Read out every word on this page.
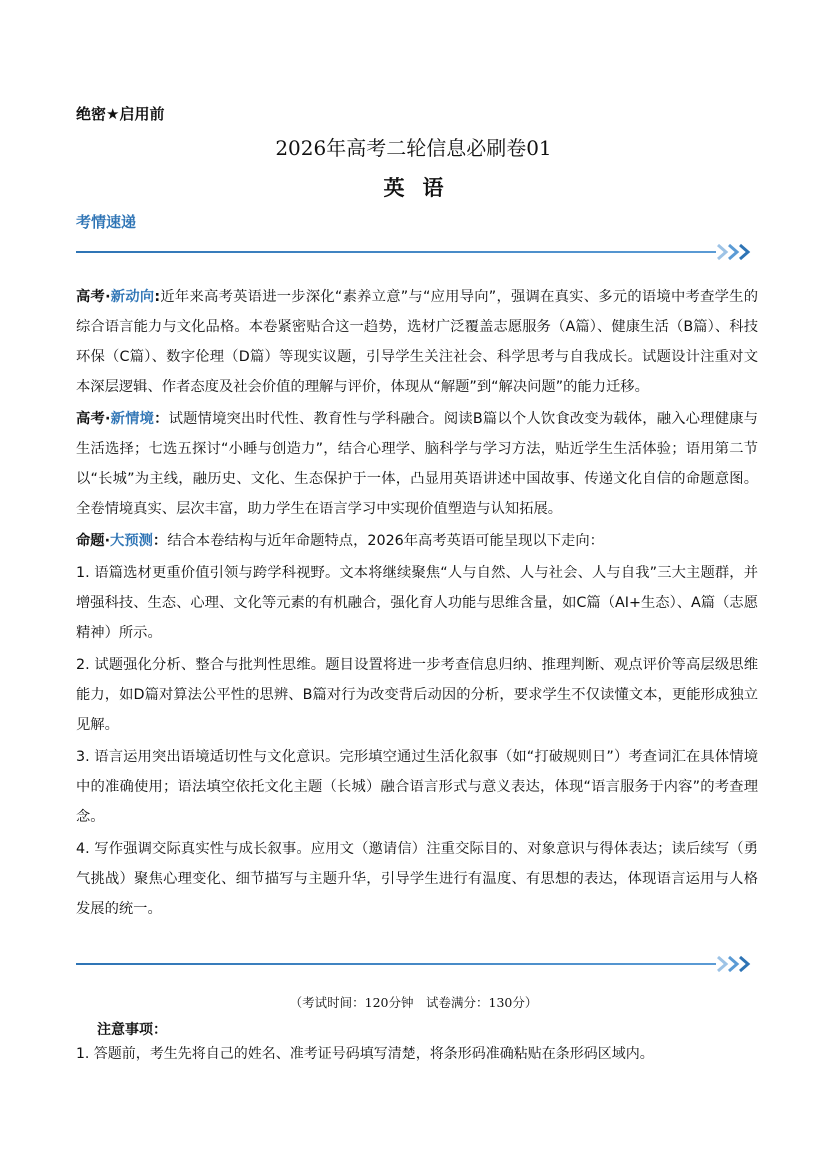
绝密★启用前
2026年高考二轮信息必刷卷01
英语
考情速递

高考·新动向:近年来高考英语进一步深化“素养立意”与“应用导向”，强调在真实、多元的语境中考查学生的综合语言能力与文化品格。本卷紧密贴合这一趋势，选材广泛覆盖志愿服务（A篇）、健康生活（B篇）、科技环保（C篇）、数字伦理（D篇）等现实议题，引导学生关注社会、科学思考与自我成长。试题设计注重对文本深层逻辑、作者态度及社会价值的理解与评价，体现从“解题”到“解决问题”的能力迁移。

高考·新情境：试题情境突出时代性、教育性与学科融合。阅读B篇以个人饮食改变为载体，融入心理健康与生活选择；七选五探讨“小睡与创造力”，结合心理学、脑科学与学习方法，贴近学生生活体验；语用第二节以“长城”为主线，融历史、文化、生态保护于一体，凸显用英语讲述中国故事、传递文化自信的命题意图。全卷情境真实、层次丰富，助力学生在语言学习中实现价值塑造与认知拓展。

命题·大预测：结合本卷结构与近年命题特点，2026年高考英语可能呈现以下走向：

1. 语篇选材更重价值引领与跨学科视野。文本将继续聚焦“人与自然、人与社会、人与自我”三大主题群，并增强科技、生态、心理、文化等元素的有机融合，强化育人功能与思维含量，如C篇（AI+生态）、A篇（志愿精神）所示。

2. 试题强化分析、整合与批判性思维。题目设置将进一步考查信息归纳、推理判断、观点评价等高层级思维能力，如D篇对算法公平性的思辨、B篇对行为改变背后动因的分析，要求学生不仅读懂文本，更能形成独立见解。

3. 语言运用突出语境适切性与文化意识。完形填空通过生活化叙事（如“打破规则日”）考查词汇在具体情境中的准确使用；语法填空依托文化主题（长城）融合语言形式与意义表达，体现“语言服务于内容”的考查理念。

4. 写作强调交际真实性与成长叙事。应用文（邀请信）注重交际目的、对象意识与得体表达；读后续写（勇气挑战）聚焦心理变化、细节描写与主题升华，引导学生进行有温度、有思想的表达，体现语言运用与人格发展的统一。

（考试时间：120分钟　试卷满分：130分）
注意事项：
1. 答题前，考生先将自己的姓名、准考证号码填写清楚，将条形码准确粘贴在条形码区域内。
